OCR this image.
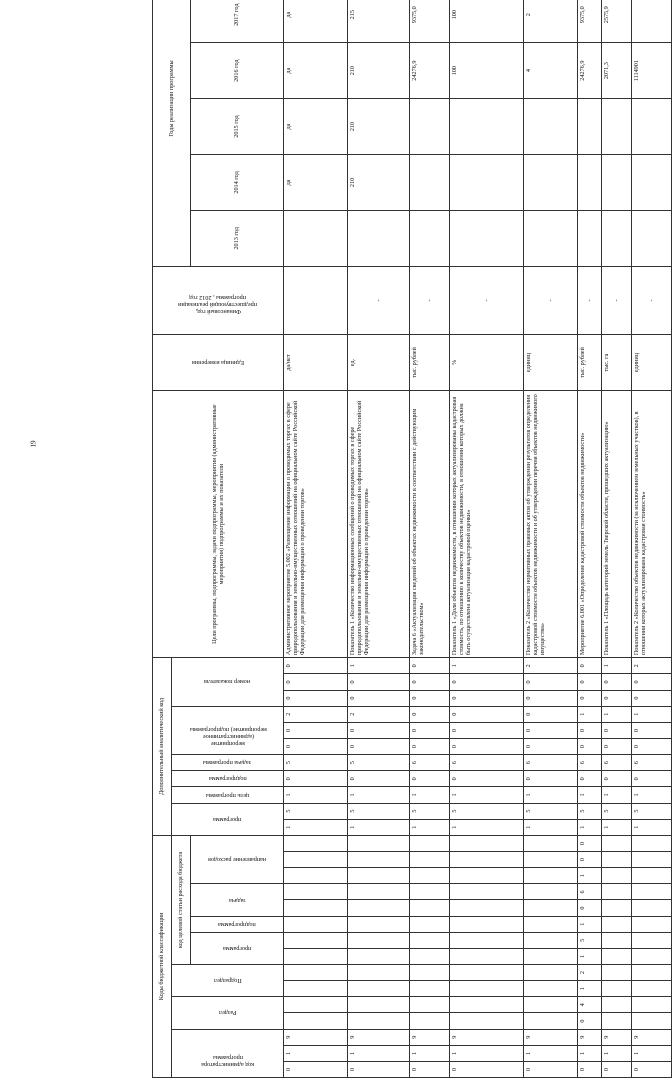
19
Коды бюджетной классификации															Дополнительный аналитический код											Цели программы, подпрограммы, задачи подпрограммы, мероприятия (административные мероприятия) подпрограммы и их показатели	Единица измерения	Финансовый год, предшествующий реализации программы , 2012 год	Годы реализации программы	

код администратора программы			Раздел		Подраздел		код целевой статьи расхода бюджета								программа		цель программы	подпрограмма	задача программы	мероприятие (административное мероприятие) подпрограммы			номер показателя												

							программа		подпрограмма	задача		направление расходов																	2013 год	2014 год	2015 год	2016 год	2017 год		
0	1	9													1	5	1	0	5	0	0	2	0	0	0	Административное мероприятие 5.002 «Размещение информации о проводимых торгах в сфере природопользования и земельно-имущественных отношений на официальном сайте Российской Федерации для размещения информации о проведении торгов»	да/нет			да	да	да	да		
0	1	9													1	5	1	0	5	0	0	2	0	0	1	Показатель 1 «Количество информационных сообщений о проводимых торгах в сфере природопользования и земельно-имущественных отношений на официальном сайте Российской Федерации для размещения информации о проведении торгов»	ед.	-		210	210	210	215		
0	1	9													1	5	1	0	6	0	0	0	0	0	0	Задача 6 «Актуализация сведений об объектах недвижимости в соответствии с действующим законодательством»	тыс. рублей	-				24276,9	9375,0		
0	1	9													1	5	1	0	6	0	0	0	0	0	1	Показатель 1 «Доля объектов недвижимости, в отношении которых актуализированы кадастровая стоимость, по отношению к количеству объектов недвижимости, в отношении которых должна быть осуществлена актуализация кадастровой оценки»	%	-				100	100		
0	1	9													1	5	1	0	6	0	0	0	0	0	2	Показатель 2 «Количество нормативных правовых актов об утверждении результатов определения кадастровой стоимости объектов недвижимости и об утверждении перечня объектов недвижимого имущества»	единиц	-				4	2		
0	1	9	0	4	1	2	1	5	1	0	6	1	0	0	1	5	1	0	6	0	0	1	0	0	0	Мероприятие 6.001 «Определение кадастровой стоимости объектов недвижимости»	тыс. рублей	-				24276,9	9375,0		
0	1	9													1	5	1	0	6	0	0	1	0	0	1	Показатель 1 «Площадь категорий земель Тверской области, прошедших актуализацию»	тыс. га	-				2071,3	2575,9		
0	1	9													1	5	1	0	6	0	0	1	0	0	2	Показатель 2 «Количество объектов недвижимости (за исключением земельных участков), в отношении которых актуализирована кадастровая стоимость»	единиц	-				1114901			
